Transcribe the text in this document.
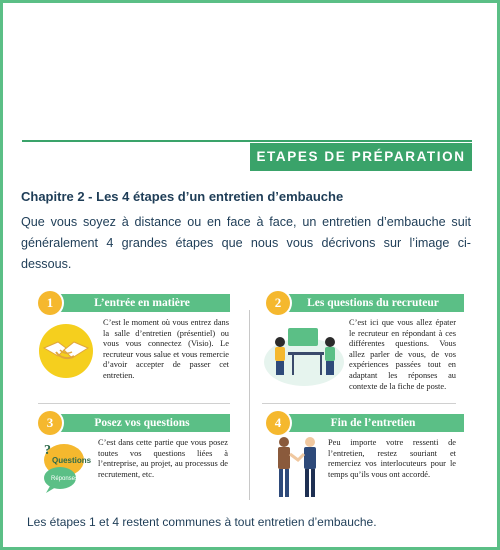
ETAPES DE PRÉPARATION
Chapitre 2 - Les 4 étapes d’un entretien d’embauche
Que vous soyez à distance ou en face à face, un entretien d’embauche suit généralement 4 grandes étapes que nous vous décrivons sur l’image ci-dessous.
L’entrée en matière
1
C’est le moment où vous entrez dans la salle d’entretien (présentiel) ou vous vous connectez (Visio). Le recruteur vous salue et vous remercie d’avoir accepter de passer cet entretien.
Les questions du recruteur
2
C’est ici que vous allez épater le recruteur en répondant à ces différentes questions. Vous allez parler de vous, de vos expériences passées tout en adaptant les réponses au contexte de la fiche de poste.
Posez vos questions
3
?
Questions
Réponses
C’est dans cette partie que vous posez toutes vos questions liées à l’entreprise, au projet, au processus de recrutement, etc.
Fin de l’entretien
4
Peu importe votre ressenti de l’entretien, restez souriant et remerciez vos interlocuteurs pour le temps qu’ils vous ont accordé.
Les étapes 1 et 4 restent communes à tout entretien d’embauche.
